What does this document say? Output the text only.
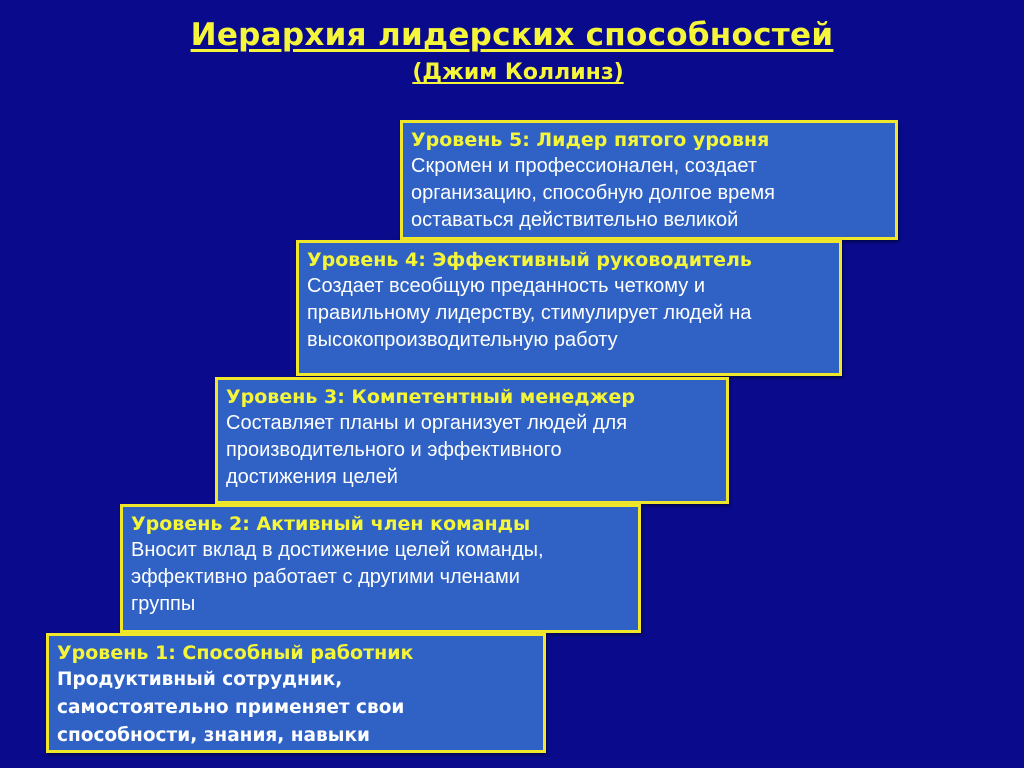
Иерархия лидерских способностей
(Джим Коллинз)
Уровень 5: Лидер пятого уровня
Скромен и профессионален, создает
организацию, способную долгое время
оставаться действительно великой
Уровень 4: Эффективный руководитель
Создает всеобщую преданность четкому и
правильному лидерству, стимулирует людей на
высокопроизводительную работу
Уровень 3: Компетентный менеджер
Составляет планы и организует людей для
производительного и эффективного
достижения целей
Уровень 2: Активный член команды
Вносит вклад в достижение целей команды,
эффективно работает с другими членами
группы
Уровень 1: Способный работник
Продуктивный сотрудник,
самостоятельно применяет свои
способности, знания, навыки
